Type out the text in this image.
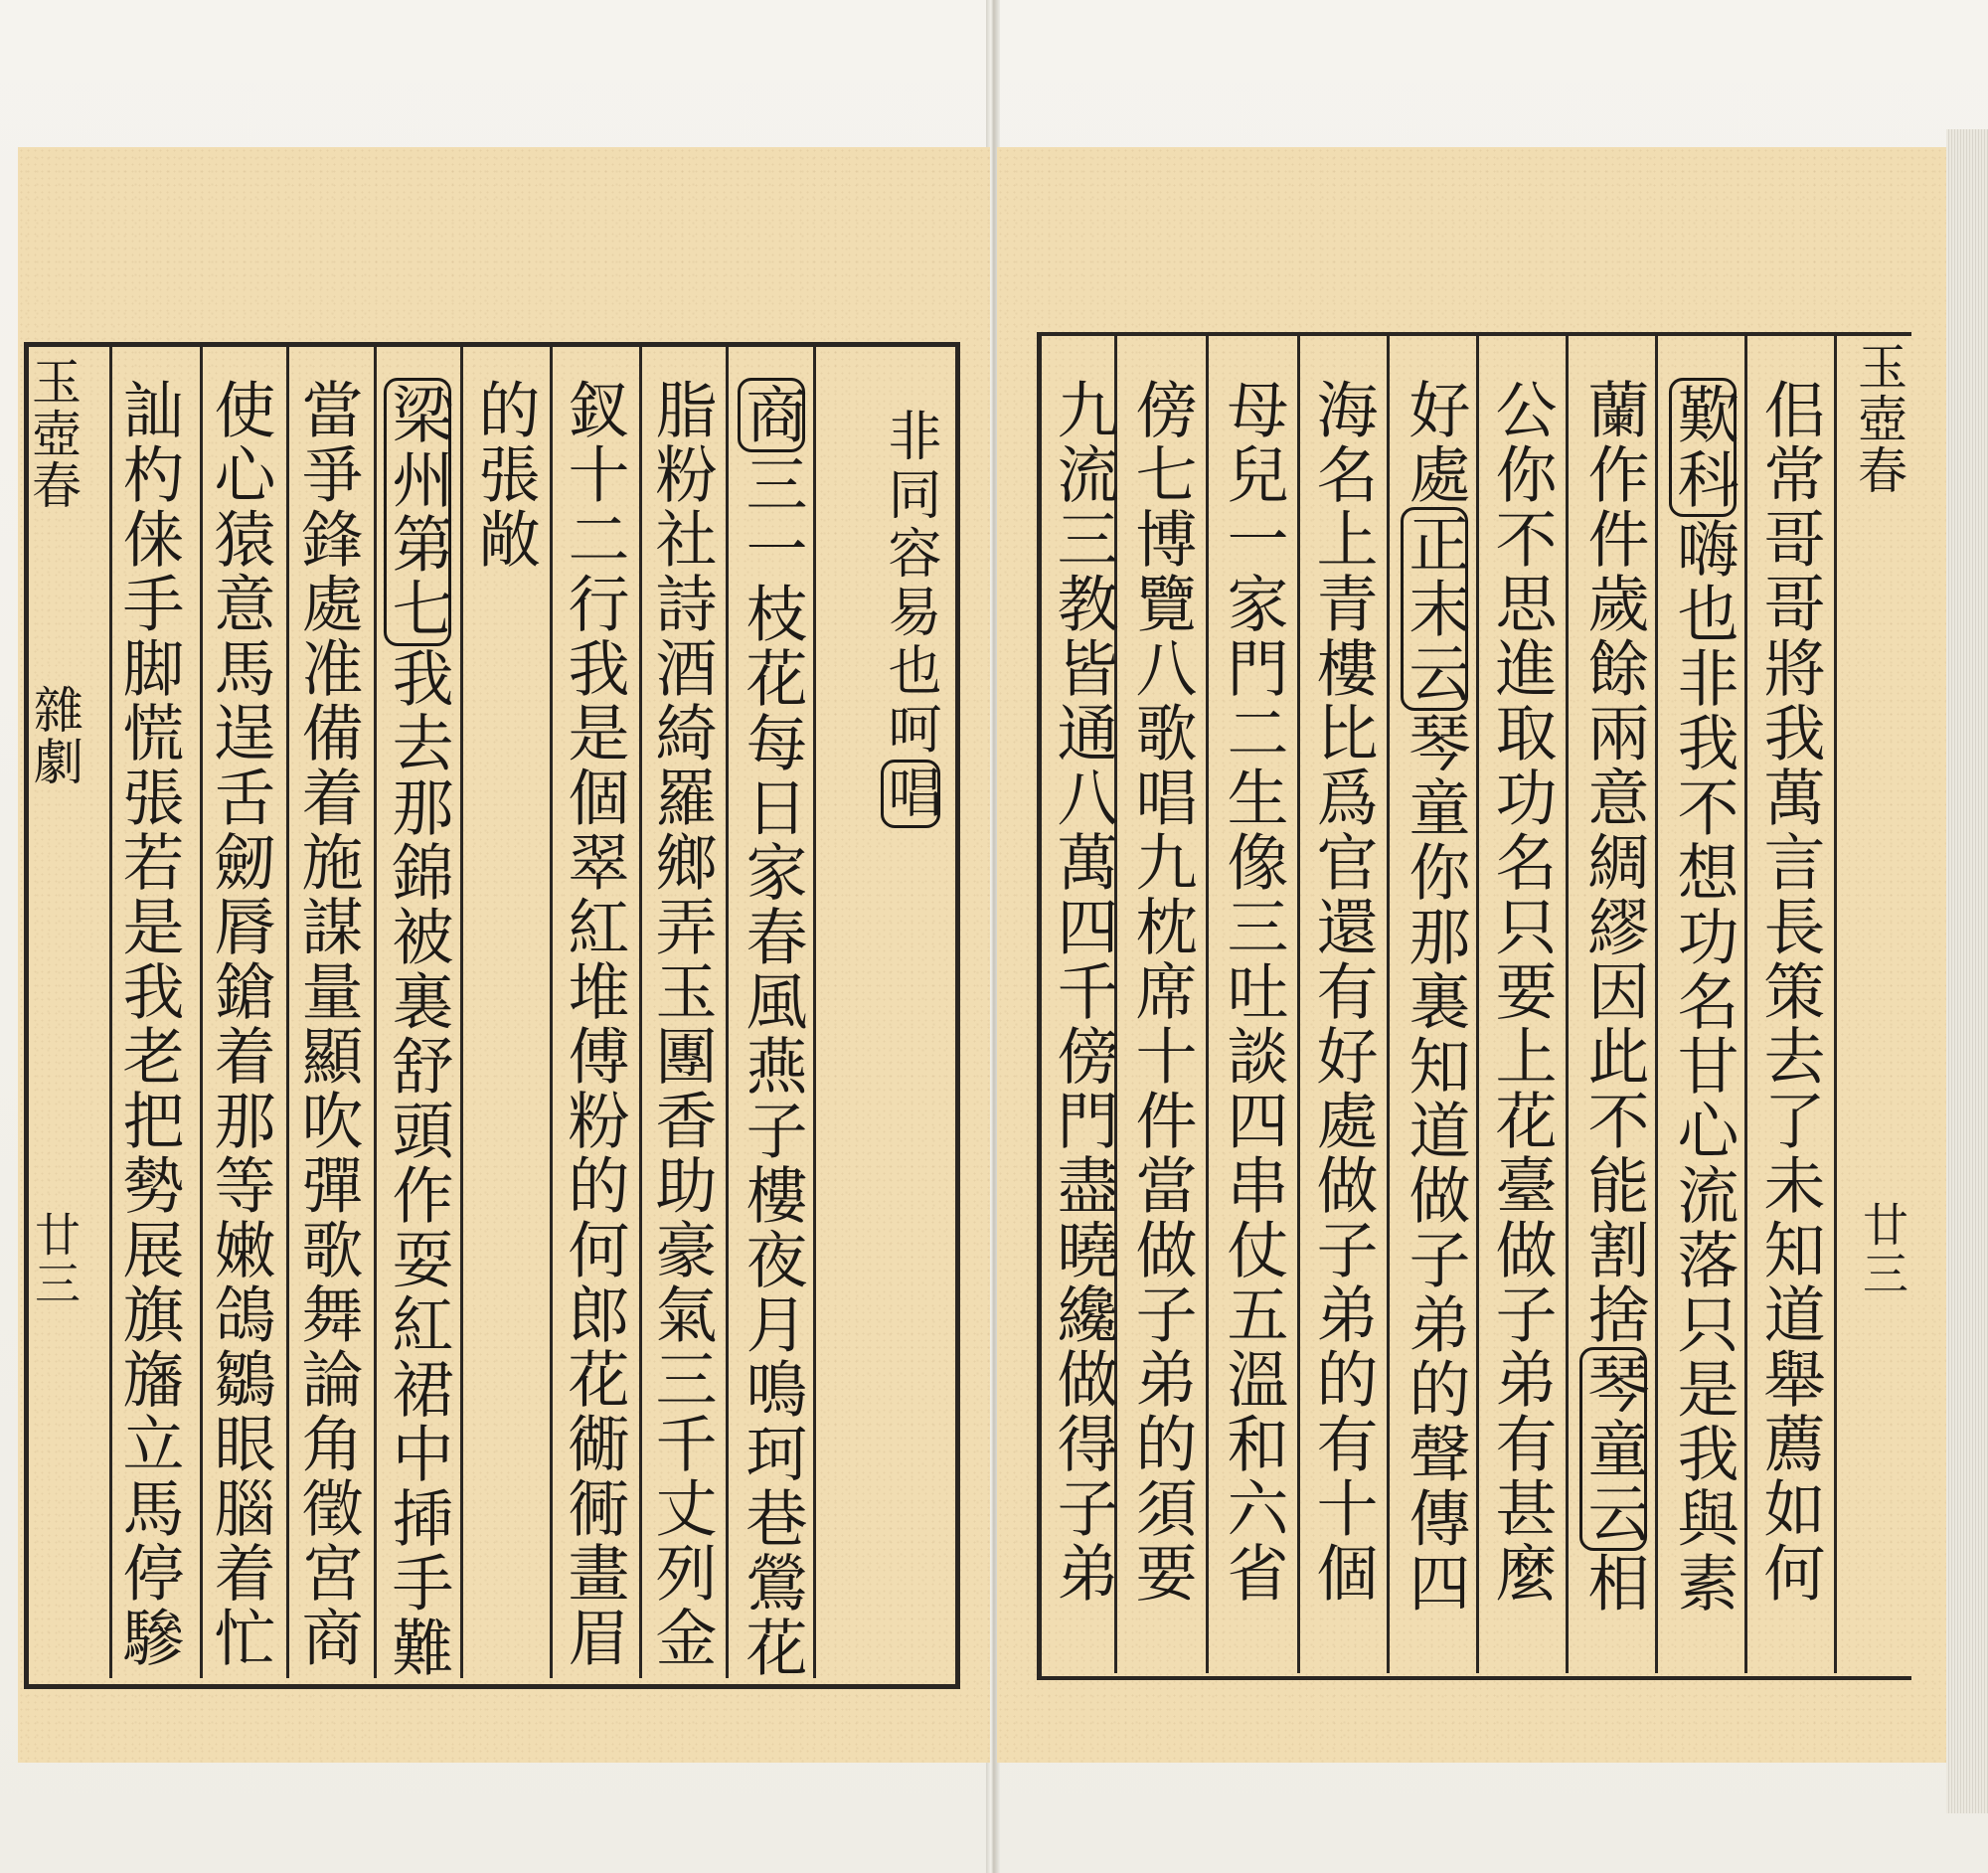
玉壺春
雜劇
廿三 訕杓俫手脚慌張若是我老把勢展旗旛立馬停驂 使心猿意馬逞舌劒脣鎗着那等嫩鴿鶵眼腦着忙 當爭鋒處准備着施謀量顯吹彈歌舞論角徵宮商 梁州第七我去那錦被裏舒頭作耍紅裙中揷手難
的張敞 釵十二行我是個翠紅堆傅粉的何郎花衚衕畫眉 脂粉社詩酒綺羅鄉弄玉團香助豪氣三千丈列金 商三一枝花每日家春風燕子樓夜月鳴珂巷鶯花 非同容易也呵唱 九流三教皆通八萬四千傍門盡曉纔做得子弟 傍七博覽八歌唱九枕席十件當做子弟的須要 母兒一家門二生像三吐談四串仗五溫和六省 海名上青樓比爲官還有好處做子弟的有十個 好處正末云琴童你那裏知道做子弟的聲傳四 公你不思進取功名只要上花臺做子弟有甚麼 蘭作件歲餘兩意綢繆因此不能割捨琴童云相
歎科嗨也非我不想功名甘心流落只是我與素 佀常哥哥將我萬言長策去了未知道舉薦如何 玉壺春
廿三
